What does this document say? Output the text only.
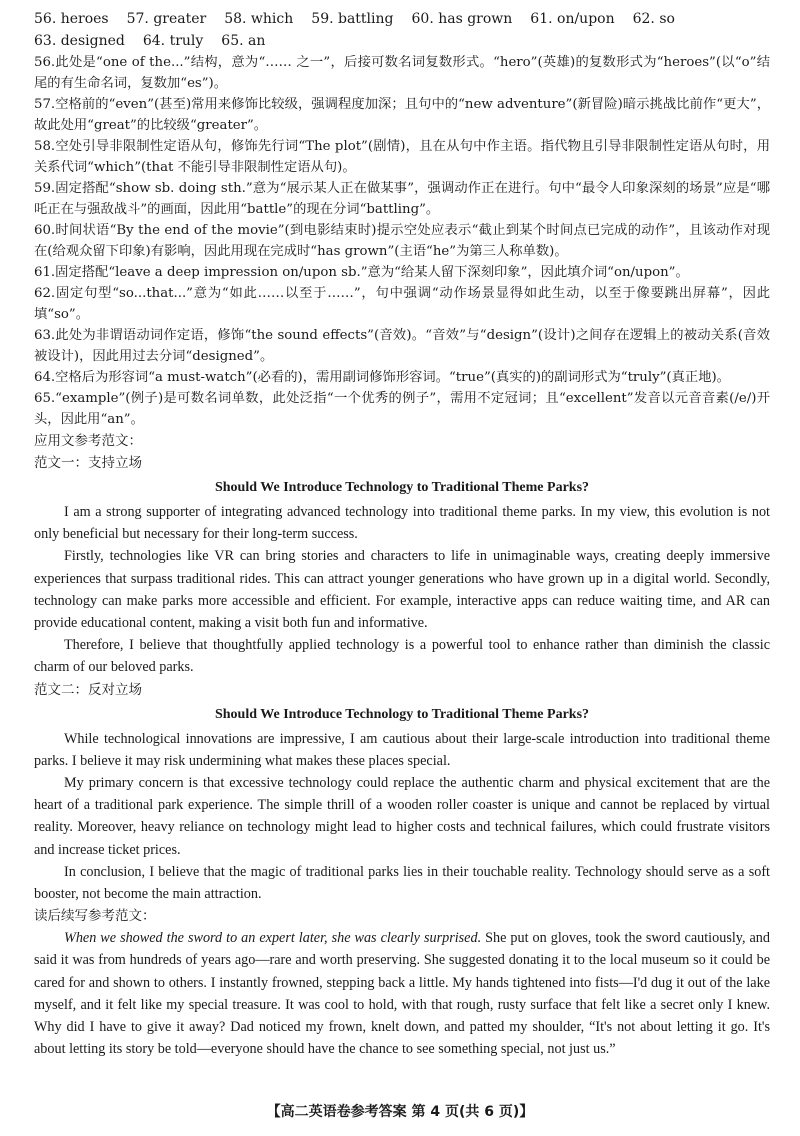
56. heroes 57. greater 58. which 59. battling 60. has grown 61. on/upon 62. so
63. designed 64. truly 65. an
56.此处是“one of the...”结构，意为“…… 之一”，后接可数名词复数形式。“hero”(英雄)的复数形式为“heroes”(以“o”结尾的有生命名词，复数加“es”)。
57.空格前的“even”(甚至)常用来修饰比较级，强调程度加深；且句中的“new adventure”(新冒险)暗示挑战比前作“更大”，故此处用“great”的比较级“greater”。
58.空处引导非限制性定语从句，修饰先行词“The plot”(剧情)，且在从句中作主语。指代物且引导非限制性定语从句时，用关系代词“which”(that 不能引导非限制性定语从句)。
59.固定搭配“show sb. doing sth.”意为“展示某人正在做某事”，强调动作正在进行。句中“最令人印象深刻的场景”应是“哪吒正在与强敌战斗”的画面，因此用“battle”的现在分词“battling”。
60.时间状语“By the end of the movie”(到电影结束时)提示空处应表示“截止到某个时间点已完成的动作”，且该动作对现在(给观众留下印象)有影响，因此用现在完成时“has grown”(主语“he”为第三人称单数)。
61.固定搭配“leave a deep impression on/upon sb.”意为“给某人留下深刻印象”，因此填介词“on/upon”。
62.固定句型“so...that...”意为“如此……以至于……”，句中强调“动作场景显得如此生动，以至于像要跳出屏幕”，因此填“so”。
63.此处为非谓语动词作定语，修饰“the sound effects”(音效)。“音效”与“design”(设计)之间存在逻辑上的被动关系(音效被设计)，因此用过去分词“designed”。
64.空格后为形容词“a must-watch”(必看的)，需用副词修饰形容词。“true”(真实的)的副词形式为“truly”(真正地)。
65.“example”(例子)是可数名词单数，此处泛指“一个优秀的例子”，需用不定冠词；且“excellent”发音以元音音素(/e/)开头，因此用“an”。
应用文参考范文：
范文一：支持立场
Should We Introduce Technology to Traditional Theme Parks?
I am a strong supporter of integrating advanced technology into traditional theme parks. In my view, this evolution is not only beneficial but necessary for their long-term success.
Firstly, technologies like VR can bring stories and characters to life in unimaginable ways, creating deeply immersive experiences that surpass traditional rides. This can attract younger generations who have grown up in a digital world. Secondly, technology can make parks more accessible and efficient. For example, interactive apps can reduce waiting time, and AR can provide educational content, making a visit both fun and informative.
Therefore, I believe that thoughtfully applied technology is a powerful tool to enhance rather than diminish the classic charm of our beloved parks.
范文二：反对立场
Should We Introduce Technology to Traditional Theme Parks?
While technological innovations are impressive, I am cautious about their large-scale introduction into traditional theme parks. I believe it may risk undermining what makes these places special.
My primary concern is that excessive technology could replace the authentic charm and physical excitement that are the heart of a traditional park experience. The simple thrill of a wooden roller coaster is unique and cannot be replaced by virtual reality. Moreover, heavy reliance on technology might lead to higher costs and technical failures, which could frustrate visitors and increase ticket prices.
In conclusion, I believe that the magic of traditional parks lies in their touchable reality. Technology should serve as a soft booster, not become the main attraction.
读后续写参考范文：
When we showed the sword to an expert later, she was clearly surprised. She put on gloves, took the sword cautiously, and said it was from hundreds of years ago—rare and worth preserving. She suggested donating it to the local museum so it could be cared for and shown to others. I instantly frowned, stepping back a little. My hands tightened into fists—I'd dug it out of the lake myself, and it felt like my special treasure. It was cool to hold, with that rough, rusty surface that felt like a secret only I knew. Why did I have to give it away? Dad noticed my frown, knelt down, and patted my shoulder, “It's not about letting it go. It's about letting its story be told—everyone should have the chance to see something special, not just us.”
【高二英语卷参考答案 第 4 页(共 6 页)】
